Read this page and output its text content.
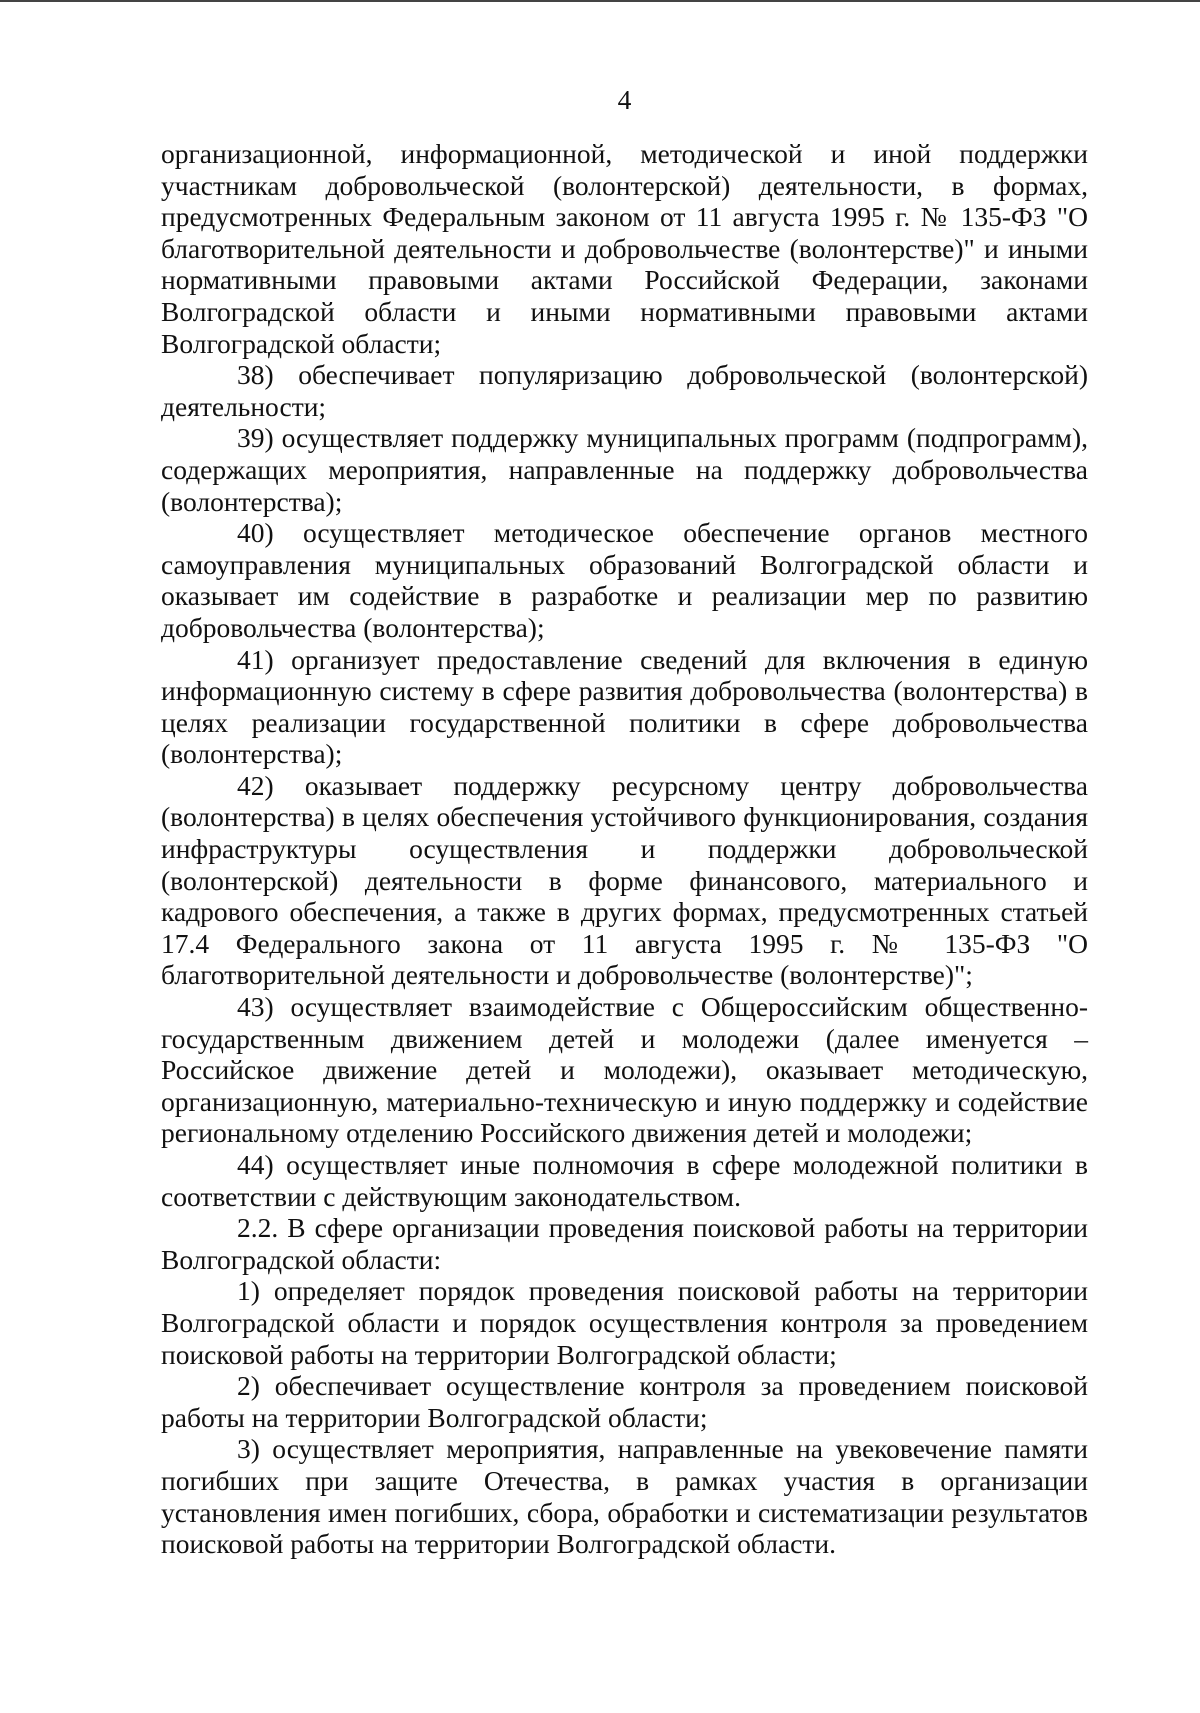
4

организационной, информационной, методической и иной поддержки участникам добровольческой (волонтерской) деятельности, в формах, предусмотренных Федеральным законом от 11 августа 1995 г. № 135-ФЗ "О благотворительной деятельности и добровольчестве (волонтерстве)" и иными нормативными правовыми актами Российской Федерации, законами Волгоградской области и иными нормативными правовыми актами Волгоградской области;

38) обеспечивает популяризацию добровольческой (волонтерской) деятельности;

39) осуществляет поддержку муниципальных программ (подпрограмм), содержащих мероприятия, направленные на поддержку добровольчества (волонтерства);

40) осуществляет методическое обеспечение органов местного самоуправления муниципальных образований Волгоградской области и оказывает им содействие в разработке и реализации мер по развитию добровольчества (волонтерства);

41) организует предоставление сведений для включения в единую информационную систему в сфере развития добровольчества (волонтерства) в целях реализации государственной политики в сфере добровольчества (волонтерства);

42) оказывает поддержку ресурсному центру добровольчества (волонтерства) в целях обеспечения устойчивого функционирования, создания инфраструктуры осуществления и поддержки добровольческой (волонтерской) деятельности в форме финансового, материального и кадрового обеспечения, а также в других формах, предусмотренных статьей 17.4 Федерального закона от 11 августа 1995 г. № 135-ФЗ "О благотворительной деятельности и добровольчестве (волонтерстве)";

43) осуществляет взаимодействие с Общероссийским общественно-государственным движением детей и молодежи (далее именуется – Российское движение детей и молодежи), оказывает методическую, организационную, материально-техническую и иную поддержку и содействие региональному отделению Российского движения детей и молодежи;

44) осуществляет иные полномочия в сфере молодежной политики в соответствии с действующим законодательством.

2.2. В сфере организации проведения поисковой работы на территории Волгоградской области:

1) определяет порядок проведения поисковой работы на территории Волгоградской области и порядок осуществления контроля за проведением поисковой работы на территории Волгоградской области;

2) обеспечивает осуществление контроля за проведением поисковой работы на территории Волгоградской области;

3) осуществляет мероприятия, направленные на увековечение памяти погибших при защите Отечества, в рамках участия в организации установления имен погибших, сбора, обработки и систематизации результатов поисковой работы на территории Волгоградской области.
